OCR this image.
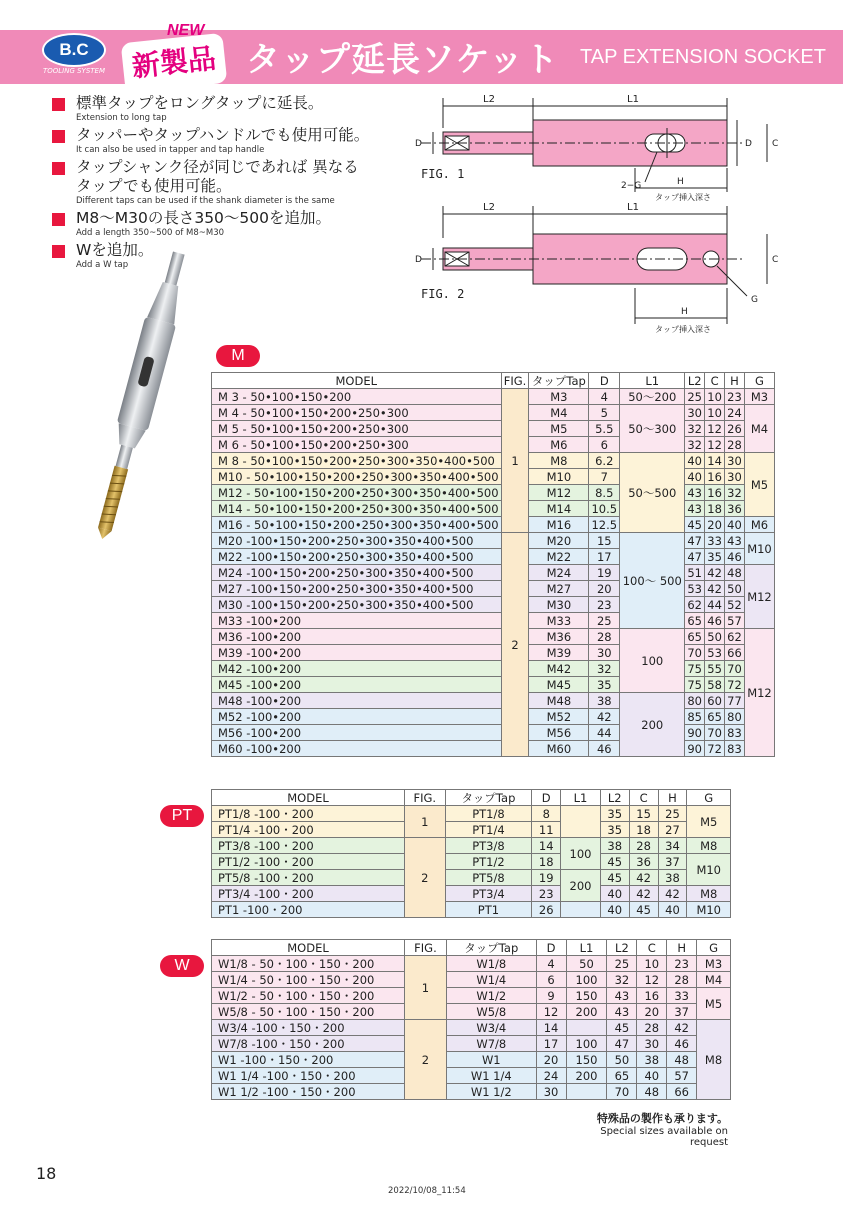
B.C
TOOLING SYSTEM 新製品
NEW
タップ延長ソケット TAP EXTENSION SOCKET
標準タップをロングタップに延長。
Extension to long tap
タッパーやタップハンドルでも使用可能。
It can also be used in tapper and tap handle
タップシャンク径が同じであれば 異なるタップでも使用可能。
Different taps can be used if the shank diameter is the same
M8〜M30の長さ350〜500を追加。
Add a length 350~500 of M8~M30
Wを追加。
Add a W tap
L2	L1
D	D C
FIG. 1
2−G	H
タップ挿入深さ
L2	L1
D	C
FIG. 2	G
H
タップ挿入深さ
M
PT
W
MODEL	FIG.	タップTap	D	L1	L2	C	H	G
M 3 - 50•100•150•200	1	M3	4	50〜200	25	10	23	M3
M 4 - 50•100•150•200•250•300		M4	5	50〜300	30	10	24	M4
M 5 - 50•100•150•200•250•300		M5	5.5		32	12	26	
M 6 - 50•100•150•200•250•300		M6	6		32	12	28	
M 8 - 50•100•150•200•250•300•350•400•500		M8	6.2	50〜500	40	14	30	M5
M10 - 50•100•150•200•250•300•350•400•500		M10	7		40	16	30	
M12 - 50•100•150•200•250•300•350•400•500		M12	8.5		43	16	32	
M14 - 50•100•150•200•250•300•350•400•500		M14	10.5		43	18	36	
M16 - 50•100•150•200•250•300•350•400•500		M16	12.5		45	20	40	M6
M20 -100•150•200•250•300•350•400•500	2	M20	15	100〜 500	47	33	43	M10
M22 -100•150•200•250•300•350•400•500		M22	17		47	35	46	
M24 -100•150•200•250•300•350•400•500		M24	19		51	42	48	M12
M27 -100•150•200•250•300•350•400•500		M27	20		53	42	50	
M30 -100•150•200•250•300•350•400•500		M30	23		62	44	52	
M33 -100•200		M33	25		65	46	57	
M36 -100•200		M36	28	100	65	50	62	M12
M39 -100•200		M39	30		70	53	66	
M42 -100•200		M42	32		75	55	70	
M45 -100•200		M45	35		75	58	72	
M48 -100•200		M48	38	200	80	60	77	
M52 -100•200		M52	42		85	65	80	
M56 -100•200		M56	44		90	70	83	
M60 -100•200		M60	46		90	72	83	
MODEL	FIG.	タップTap	D	L1	L2	C	H	G
PT1/8 -100・200	1	PT1/8	8		35	15	25	M5
PT1/4 -100・200		PT1/4	11		35	18	27	
PT3/8 -100・200	2	PT3/8	14	100	38	28	34	M8
PT1/2 -100・200		PT1/2	18		45	36	37	M10
PT5/8 -100・200		PT5/8	19	200	45	42	38	
PT3/4 -100・200		PT3/4	23		40	42	42	M8
PT1 -100・200		PT1	26		40	45	40	M10
MODEL	FIG.	タップTap	D	L1	L2	C	H	G
W1/8 - 50・100・150・200	1	W1/8	4	50	25	10	23	M3
W1/4 - 50・100・150・200		W1/4	6	100	32	12	28	M4
W1/2 - 50・100・150・200		W1/2	9	150	43	16	33	M5
W5/8 - 50・100・150・200		W5/8	12	200	43	20	37	
W3/4 -100・150・200	2	W3/4	14		45	28	42	M8
W7/8 -100・150・200		W7/8	17	100	47	30	46	
W1 -100・150・200		W1	20	150	50	38	48	
W1 1/4 -100・150・200		W1 1/4	24	200	65	40	57	
W1 1/2 -100・150・200		W1 1/2	30		70	48	66	
特殊品の製作も承ります。
Special sizes available on request
18
2022/10/08_11:54
